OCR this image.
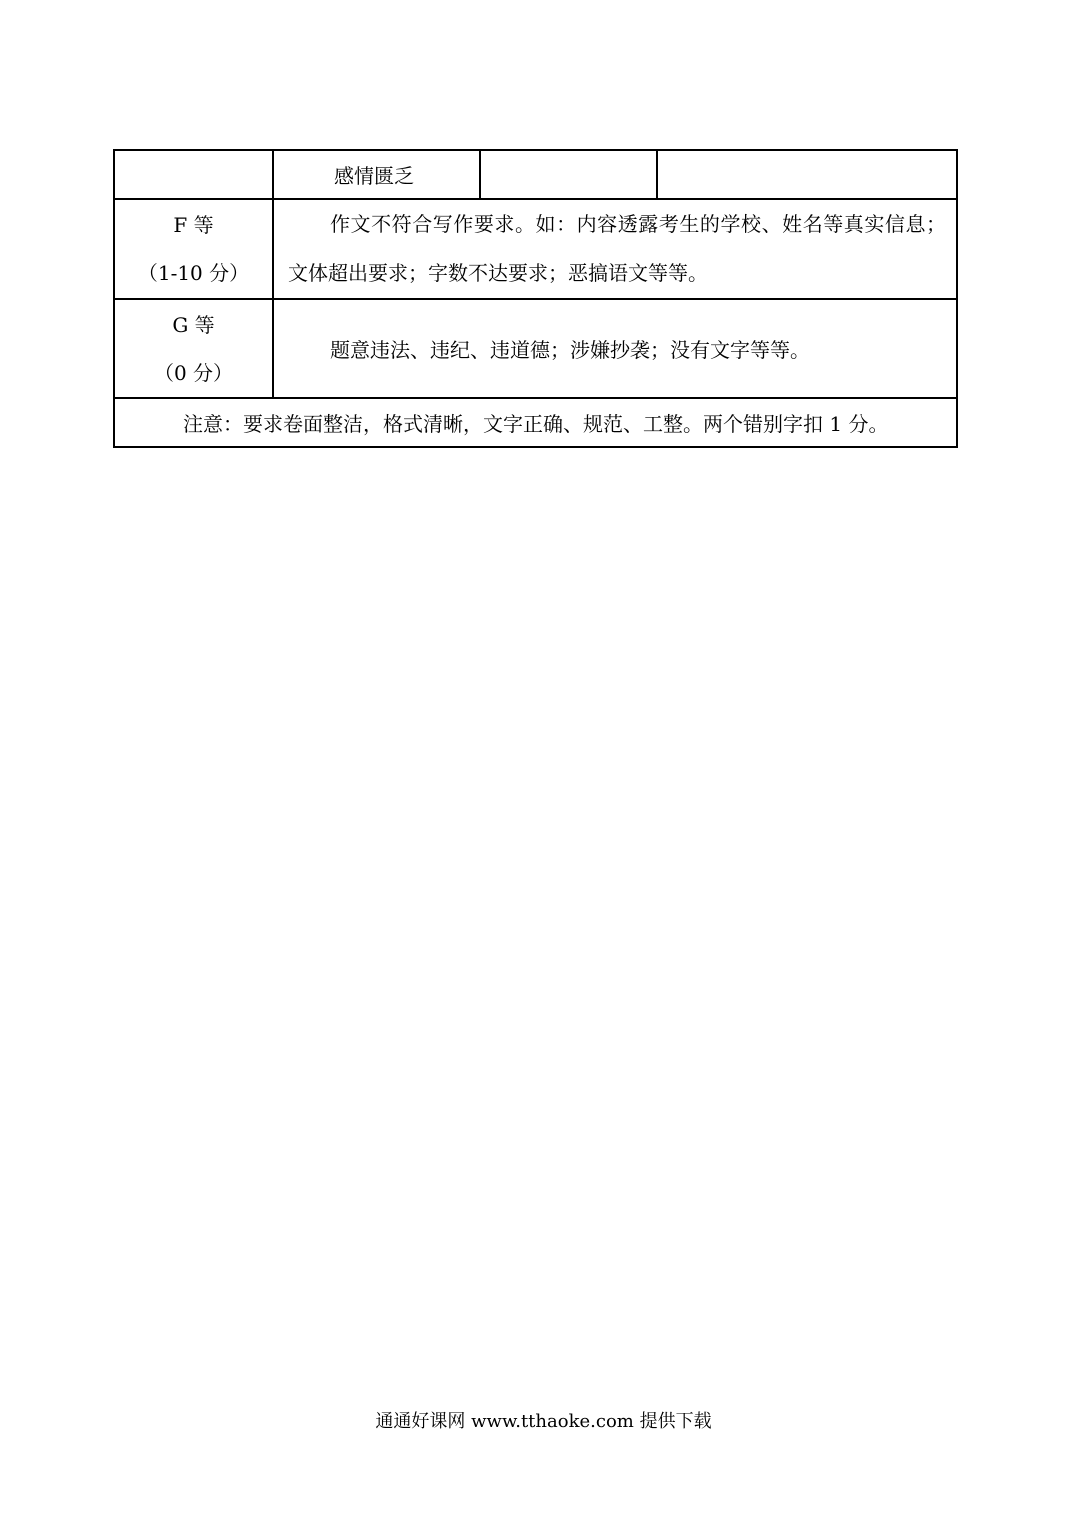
	感情匮乏		

F 等
（1-10 分）	作文不符合写作要求。如：内容透露考生的学校、姓名等真实信息；文体超出要求；字数不达要求；恶搞语文等等。		

G 等
（0 分）	题意违法、违纪、违道德；涉嫌抄袭；没有文字等等。		
注意：要求卷面整洁，格式清晰，文字正确、规范、工整。两个错别字扣 1 分。			
通通好课网 www.tthaoke.com 提供下载
